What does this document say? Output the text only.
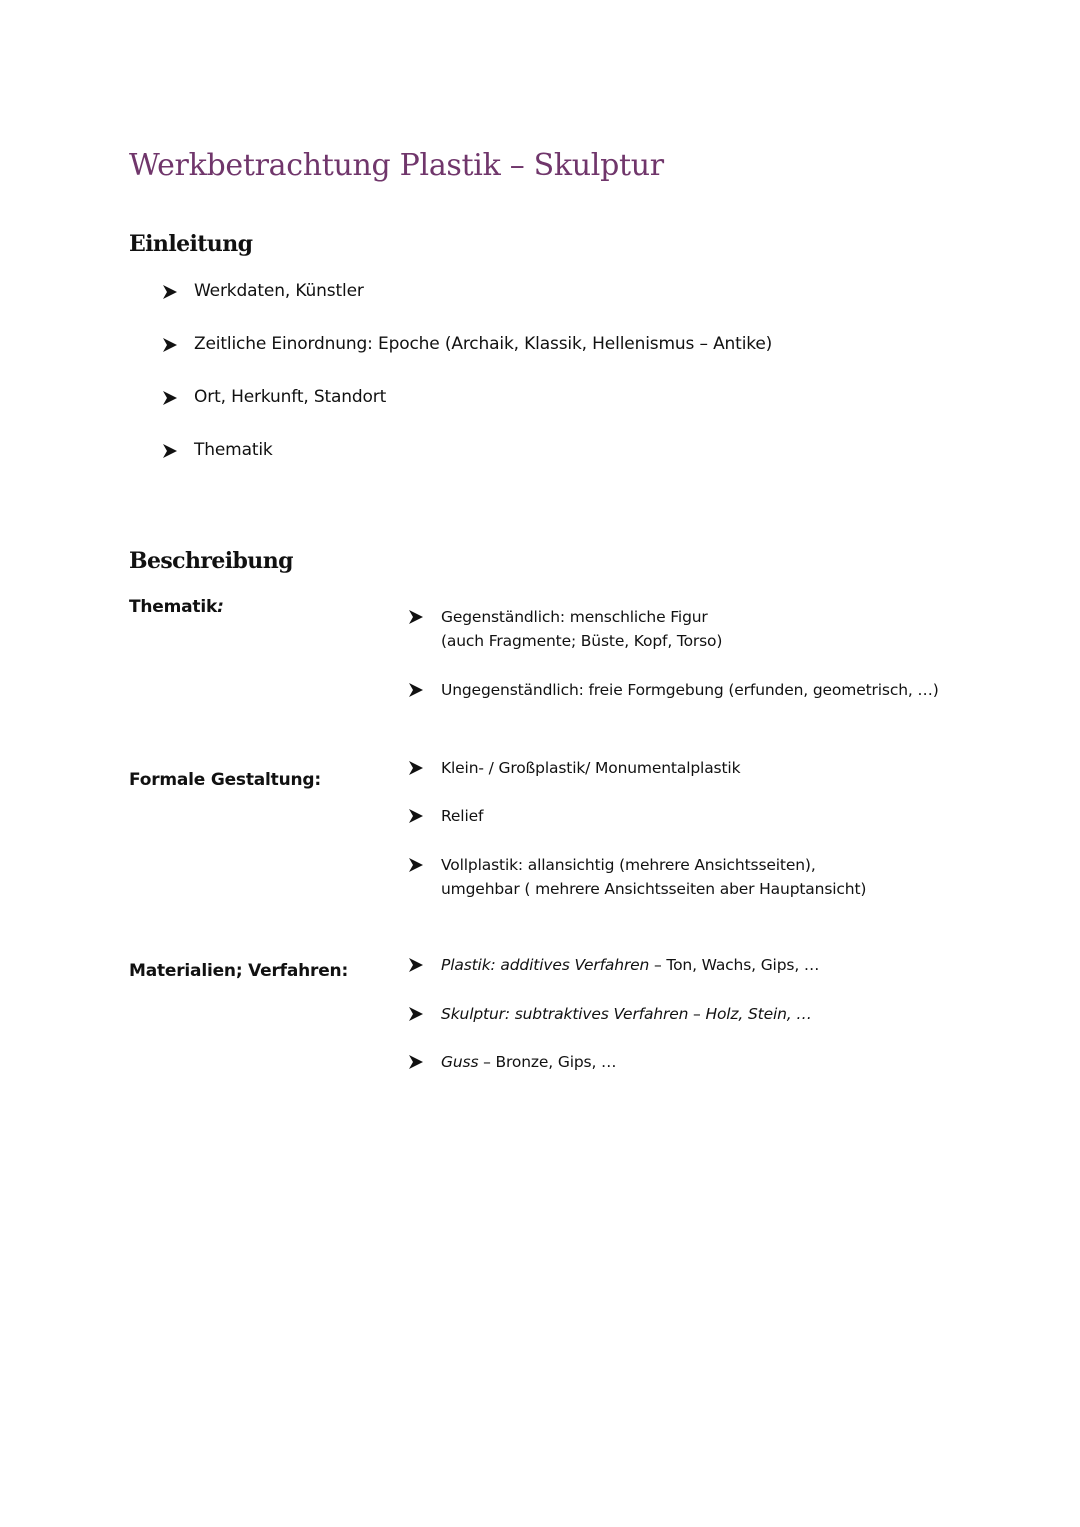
Werkbetrachtung Plastik – Skulptur
Einleitung
Werkdaten, Künstler
Zeitliche Einordnung: Epoche (Archaik, Klassik, Hellenismus – Antike)
Ort, Herkunft, Standort
Thematik
Beschreibung
Thematik:	Gegenständlich: menschliche Figur
(auch Fragmente; Büste, Kopf, Torso)
Ungegenständlich: freie Formgebung (erfunden, geometrisch, …)
Formale Gestaltung:
Klein- / Großplastik/ Monumentalplastik
Relief
Vollplastik: allansichtig (mehrere Ansichtsseiten),
umgehbar ( mehrere Ansichtsseiten aber Hauptansicht)
Materialien; Verfahren:	Plastik: additives Verfahren – Ton, Wachs, Gips, …
Skulptur: subtraktives Verfahren – Holz, Stein, …
Guss – Bronze, Gips, …
